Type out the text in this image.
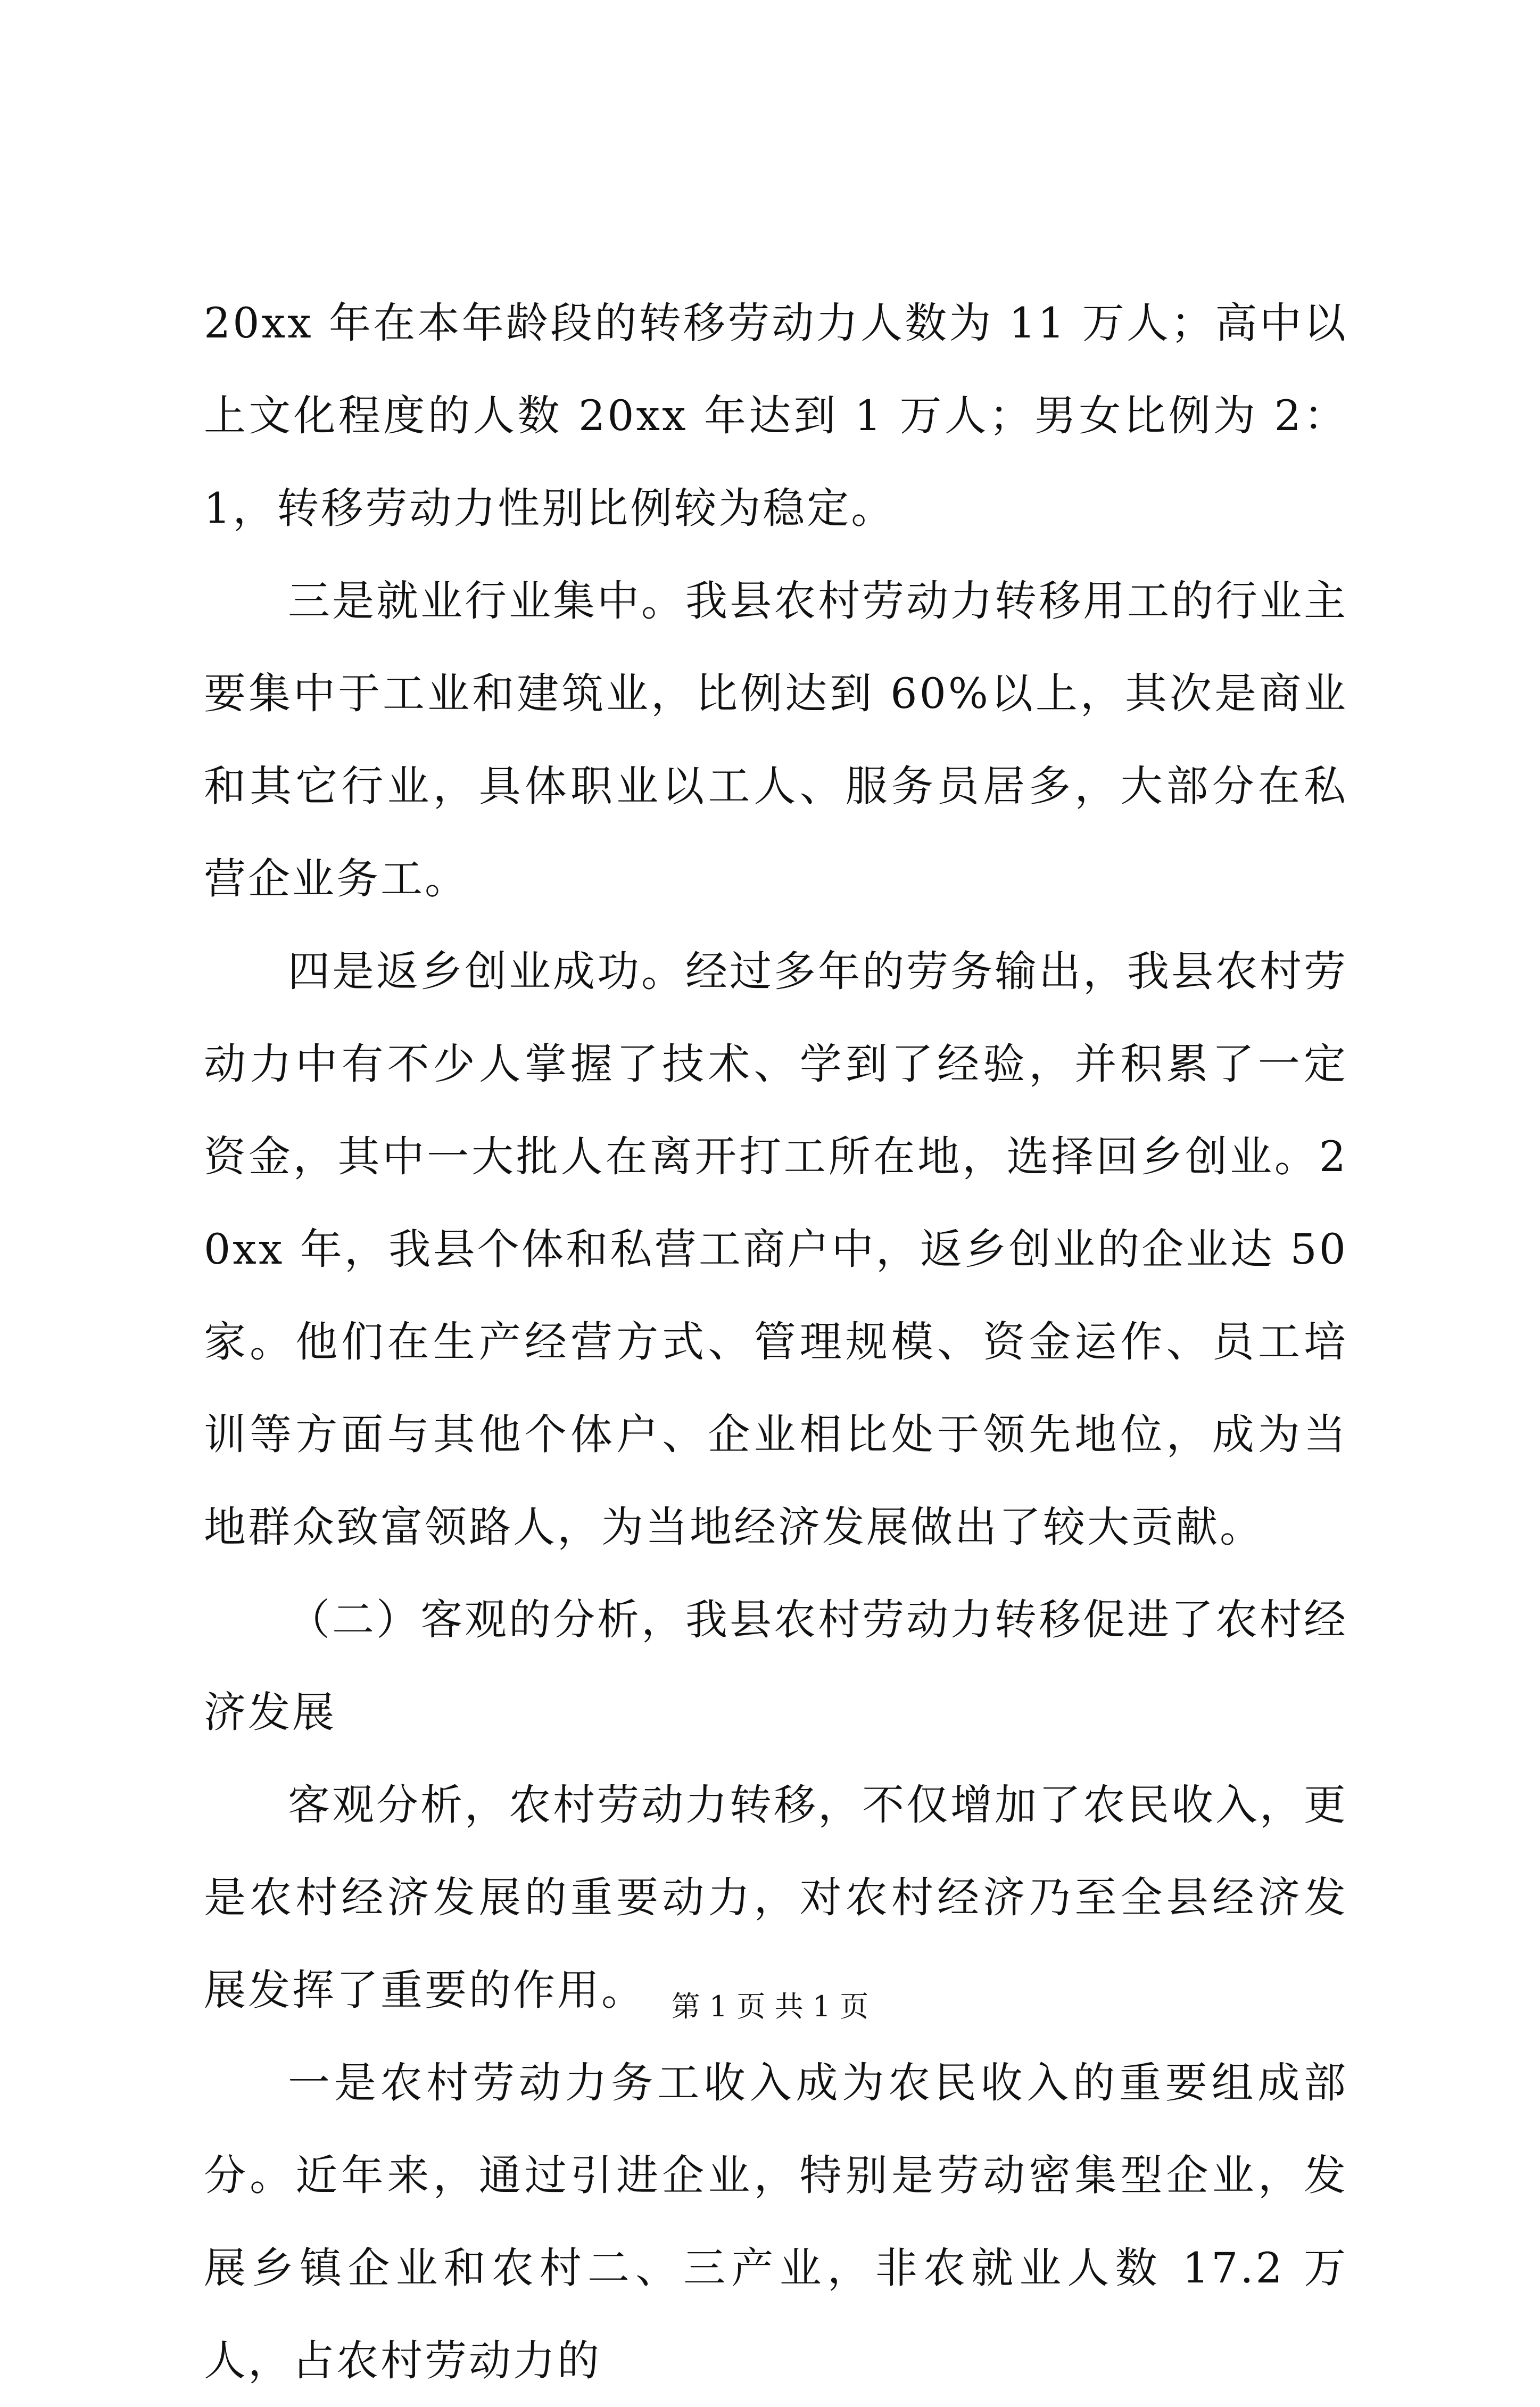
20xx 年在本年龄段的转移劳动力人数为 11 万人；高中以上文化程度的人数 20xx 年达到 1 万人；男女比例为 2：1，转移劳动力性别比例较为稳定。

三是就业行业集中。我县农村劳动力转移用工的行业主要集中于工业和建筑业，比例达到 60%以上，其次是商业和其它行业，具体职业以工人、服务员居多，大部分在私营企业务工。

四是返乡创业成功。经过多年的劳务输出，我县农村劳动力中有不少人掌握了技术、学到了经验，并积累了一定资金，其中一大批人在离开打工所在地，选择回乡创业。20xx 年，我县个体和私营工商户中，返乡创业的企业达 50 家。他们在生产经营方式、管理规模、资金运作、员工培训等方面与其他个体户、企业相比处于领先地位，成为当地群众致富领路人，为当地经济发展做出了较大贡献。

（二）客观的分析，我县农村劳动力转移促进了农村经济发展

客观分析，农村劳动力转移，不仅增加了农民收入，更是农村经济发展的重要动力，对农村经济乃至全县经济发展发挥了重要的作用。

一是农村劳动力务工收入成为农民收入的重要组成部分。近年来，通过引进企业，特别是劳动密集型企业，发展乡镇企业和农村二、三产业，非农就业人数 17.2 万人，占农村劳动力的

第 1 页 共 1 页
